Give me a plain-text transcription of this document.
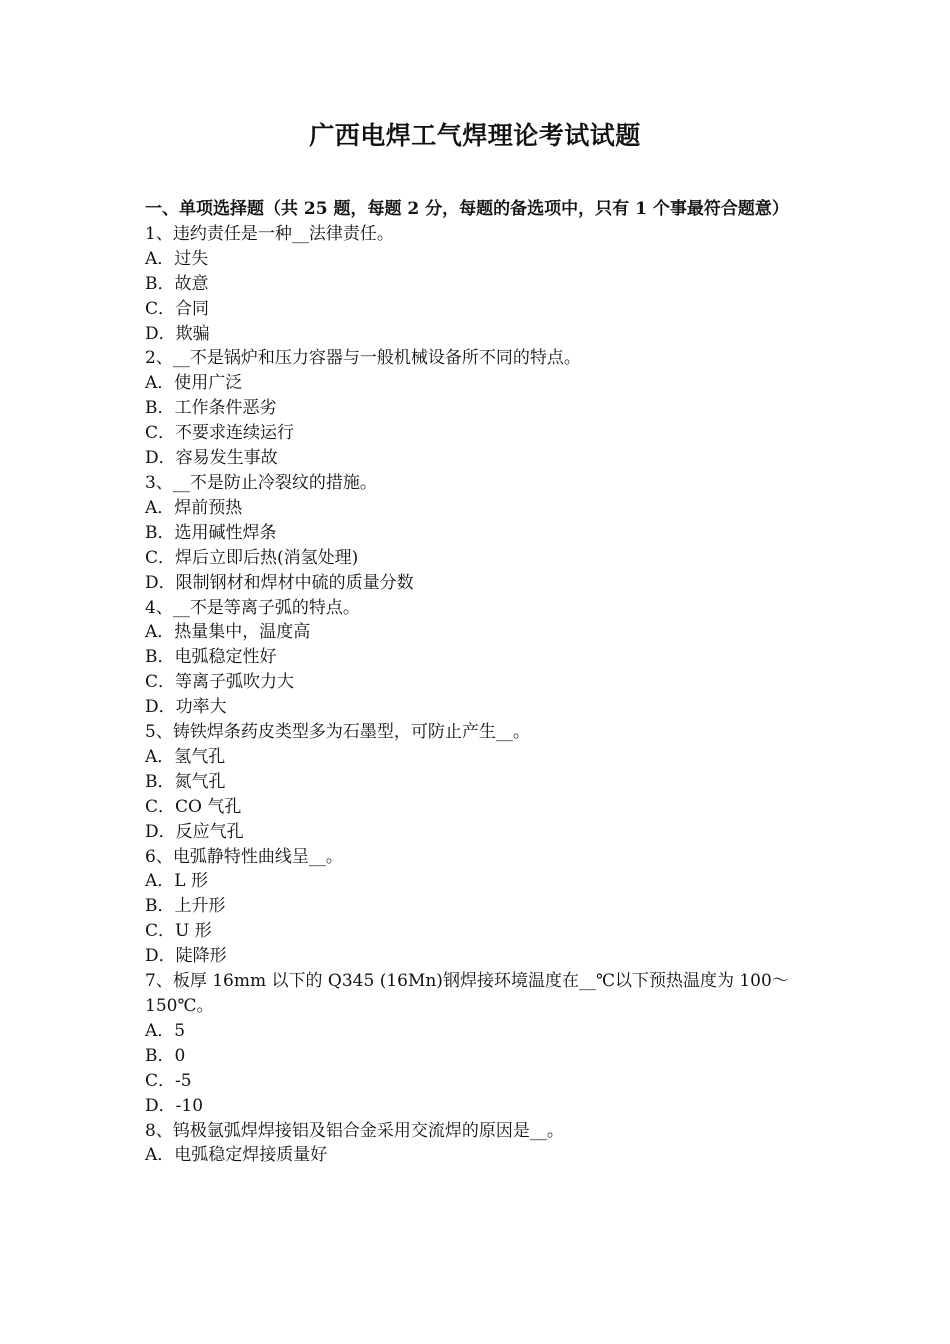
广西电焊工气焊理论考试试题
一、单项选择题（共 25 题，每题 2 分，每题的备选项中，只有 1 个事最符合题意）
1、违约责任是一种__法律责任。
A．过失
B．故意
C．合同
D．欺骗
2、__不是锅炉和压力容器与一般机械设备所不同的特点。
A．使用广泛
B．工作条件恶劣
C．不要求连续运行
D．容易发生事故
3、__不是防止冷裂纹的措施。
A．焊前预热
B．选用碱性焊条
C．焊后立即后热(消氢处理)
D．限制钢材和焊材中硫的质量分数
4、__不是等离子弧的特点。
A．热量集中，温度高
B．电弧稳定性好
C．等离子弧吹力大
D．功率大
5、铸铁焊条药皮类型多为石墨型，可防止产生__。
A．氢气孔
B．氮气孔
C．CO 气孔
D．反应气孔
6、电弧静特性曲线呈__。
A．L 形
B．上升形
C．U 形
D．陡降形
7、板厚 16mm 以下的 Q345 (16Mn)钢焊接环境温度在__℃以下预热温度为 100～150℃。
A．5
B．0
C．-5
D．-10
8、钨极氩弧焊焊接铝及铝合金采用交流焊的原因是__。
A．电弧稳定焊接质量好
